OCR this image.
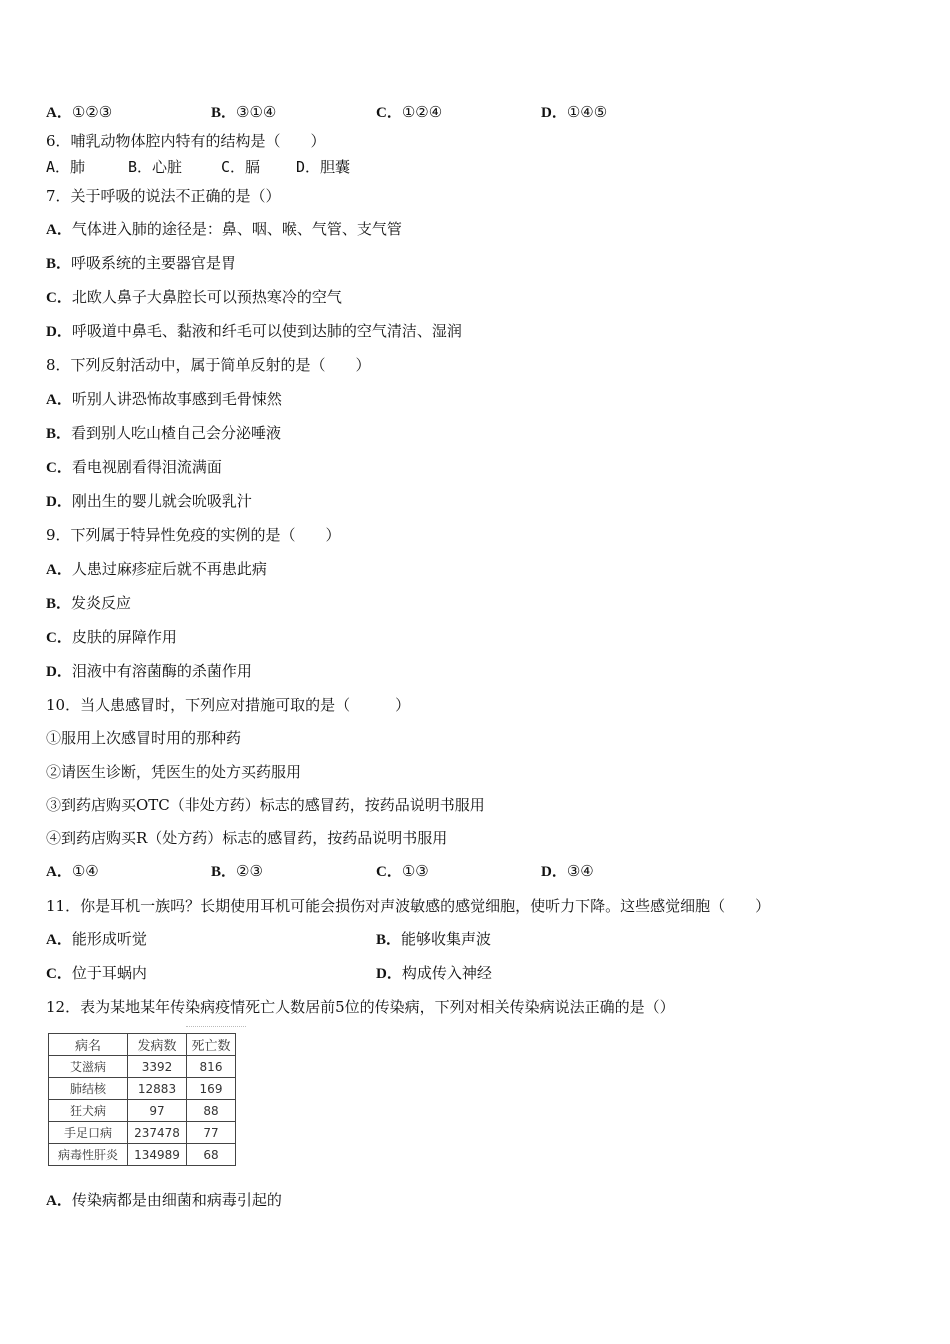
A．①②③	B．③①④	C．①②④	D．①④⑤
6．哺乳动物体腔内特有的结构是（　　）
A．肺	B．心脏	C．膈 D．胆囊
7．关于呼吸的说法不正确的是（）
A．气体进入肺的途径是：鼻、咽、喉、气管、支气管
B．呼吸系统的主要器官是胃
C．北欧人鼻子大鼻腔长可以预热寒冷的空气
D．呼吸道中鼻毛、黏液和纤毛可以使到达肺的空气清洁、湿润
8．下列反射活动中，属于简单反射的是（　　）
A．听别人讲恐怖故事感到毛骨悚然
B．看到别人吃山楂自己会分泌唾液
C．看电视剧看得泪流满面
D．刚出生的婴儿就会吮吸乳汁
9．下列属于特异性免疫的实例的是（　　）
A．人患过麻疹症后就不再患此病
B．发炎反应
C．皮肤的屏障作用
D．泪液中有溶菌酶的杀菌作用
10．当人患感冒时，下列应对措施可取的是（　　　）
①服用上次感冒时用的那种药
②请医生诊断，凭医生的处方买药服用
③到药店购买OTC（非处方药）标志的感冒药，按药品说明书服用
④到药店购买R（处方药）标志的感冒药，按药品说明书服用
A．①④	B．②③	C．①③	D．③④
11．你是耳机一族吗？长期使用耳机可能会损伤对声波敏感的感觉细胞，使听力下降。这些感觉细胞（　　）
A．能形成听觉	B．能够收集声波
C．位于耳蜗内	D．构成传入神经
12．表为某地某年传染病疫情死亡人数居前5位的传染病，下列对相关传染病说法正确的是（）
病名	发病数	死亡数
艾滋病	3392	816
肺结核	12883	169
狂犬病	97	88
手足口病	237478	77
病毒性肝炎	134989	68
A．传染病都是由细菌和病毒引起的
